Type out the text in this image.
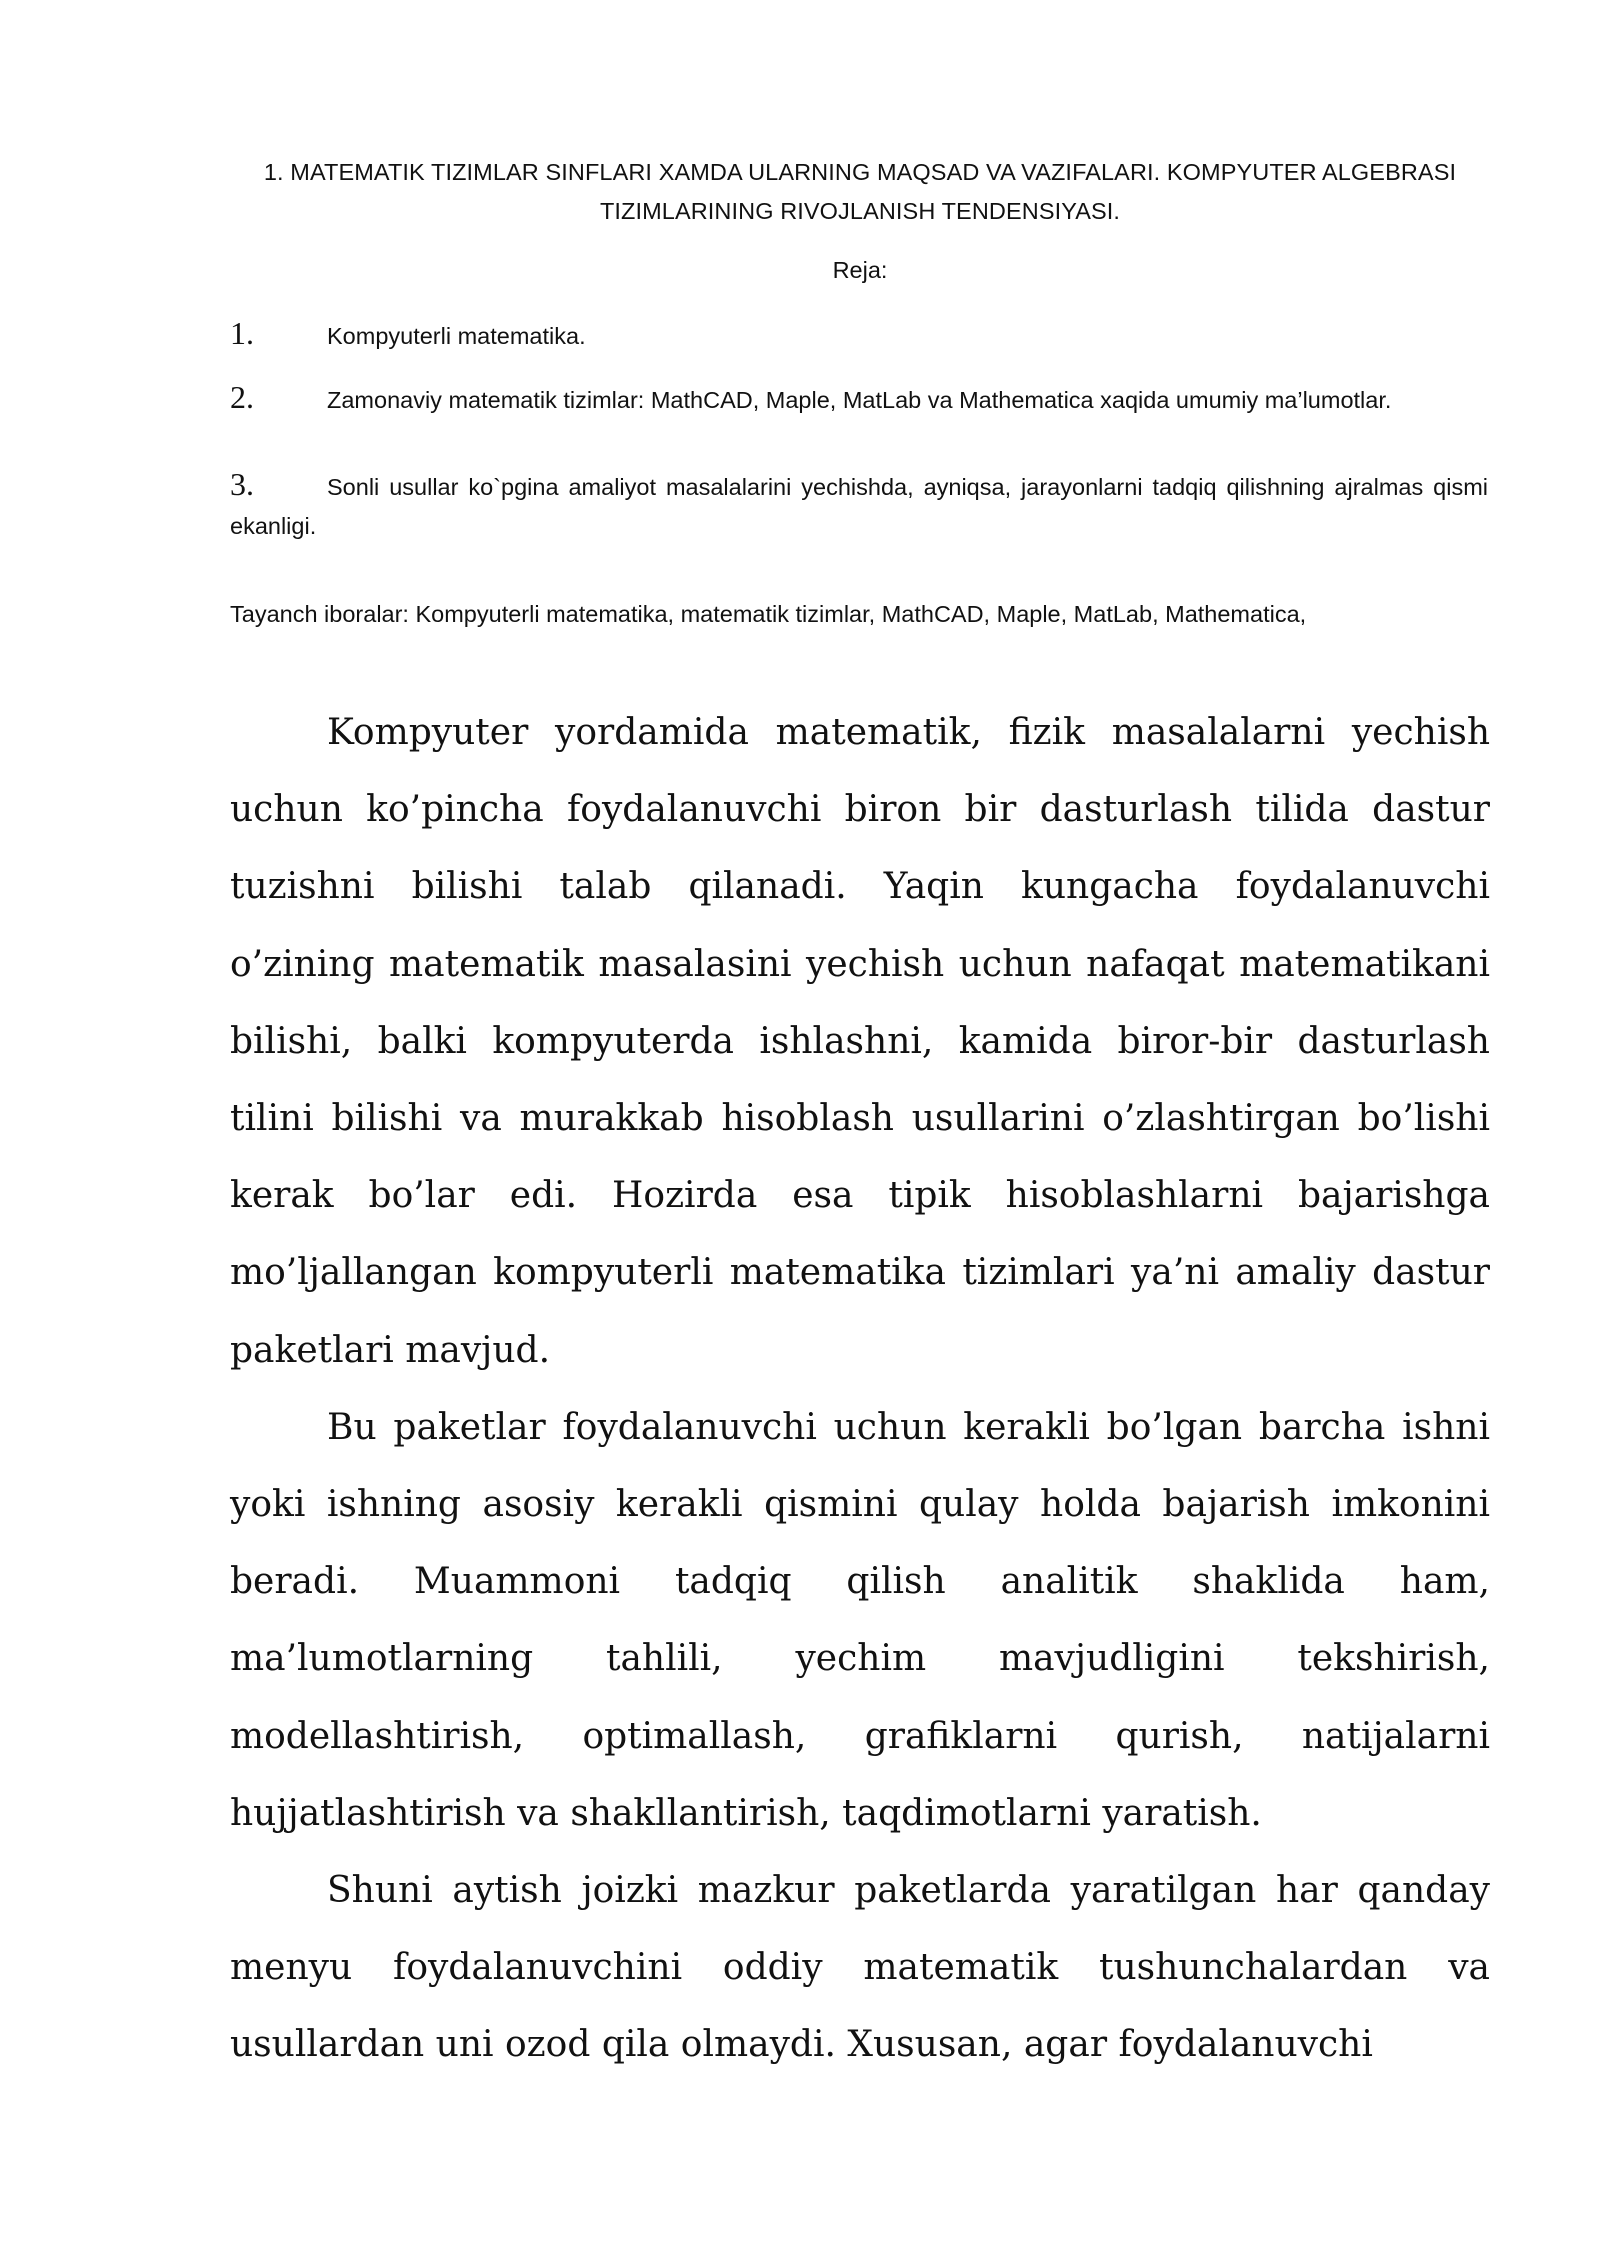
1. MATEMATIK TIZIMLAR SINFLARI XAMDA ULARNING MAQSAD VA VAZIFALARI. KOMPYUTER ALGEBRASI TIZIMLARINING RIVOJLANISH TENDENSIYASI.
Reja:
1.	Kompyuterli matematika.
2.	Zamonaviy matematik tizimlar: MathCAD, Maple, MatLab va Mathematica xaqida umumiy ma’lumotlar.
3.	Sonli usullar ko`pgina amaliyot masalalarini yechishda, ayniqsa, jarayonlarni tadqiq qilishning ajralmas qismi ekanligi.
Tayanch iboralar: Kompyuterli matematika, matematik tizimlar, MathCAD, Maple, MatLab, Mathematica,

Kompyuter yordamida matematik, fizik masalalarni yechish uchun ko’pincha foydalanuvchi biron bir dasturlash tilida dastur tuzishni bilishi talab qilanadi. Yaqin kungacha foydalanuvchi o’zining matematik masalasini yechish uchun nafaqat matematikani bilishi, balki kompyuterda ishlashni, kamida biror-bir dasturlash tilini bilishi va murakkab hisoblash usullarini o’zlashtirgan bo’lishi kerak bo’lar edi. Hozirda esa tipik hisoblashlarni bajarishga mo’ljallangan kompyuterli matematika tizimlari ya’ni amaliy dastur paketlari mavjud.

Bu paketlar foydalanuvchi uchun kerakli bo’lgan barcha ishni yoki ishning asosiy kerakli qismini qulay holda bajarish imkonini beradi. Muammoni tadqiq qilish analitik shaklida ham, ma’lumotlarning tahlili, yechim mavjudligini tekshirish, modellashtirish, optimallash, grafiklarni qurish, natijalarni hujjatlashtirish va shakllantirish, taqdimotlarni yaratish.

Shuni aytish joizki mazkur paketlarda yaratilgan har qanday menyu foydalanuvchini oddiy matematik tushunchalardan va usullardan uni ozod qila olmaydi. Xususan, agar foydalanuvchi
